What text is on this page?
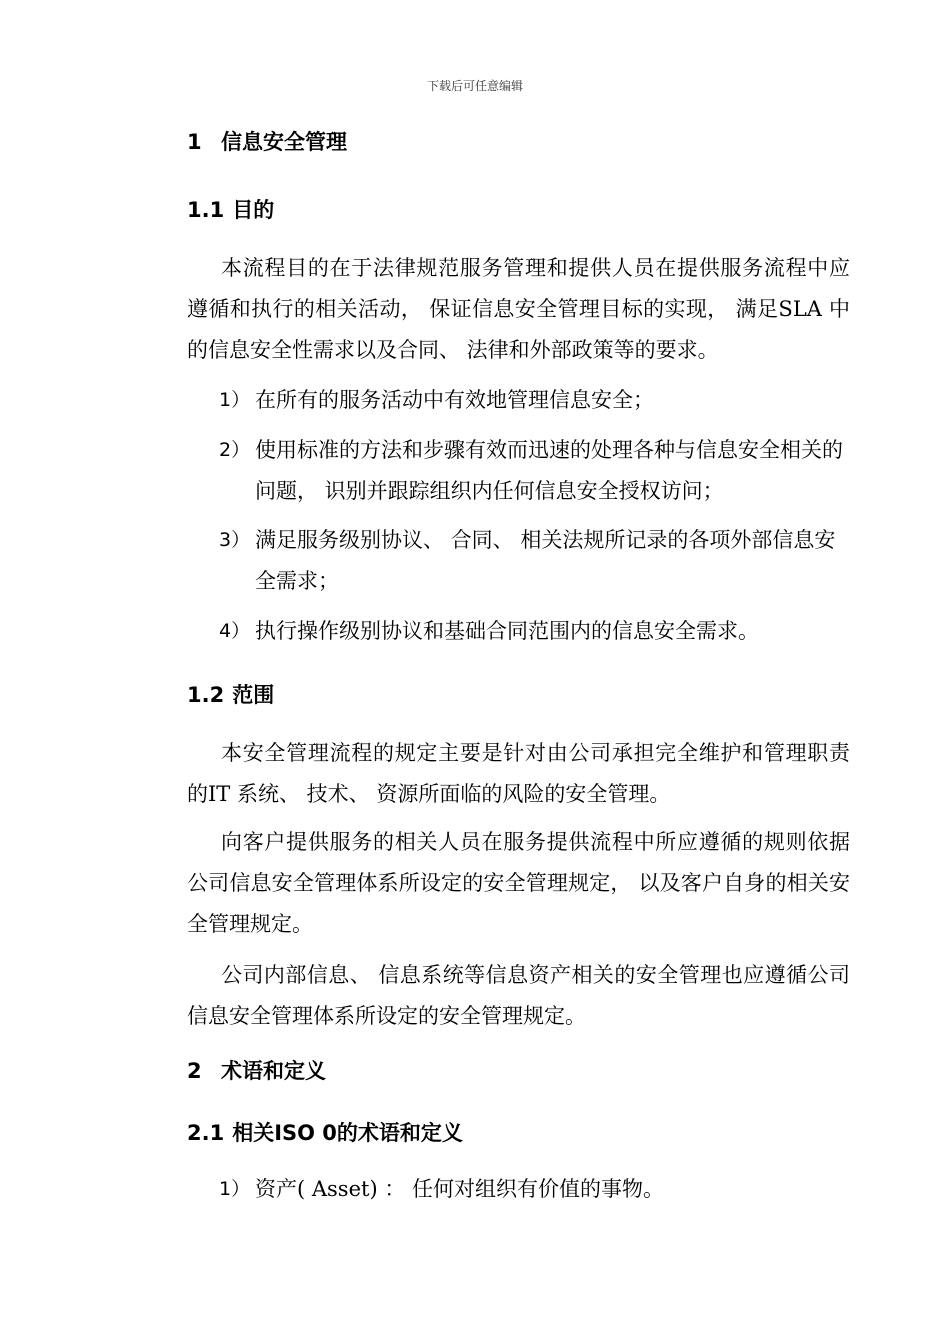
下载后可任意编辑
1 信息安全管理
1.1 目的
本流程目的在于法律规范服务管理和提供人员在提供服务流程中应遵循和执行的相关活动， 保证信息安全管理目标的实现， 满足SLA 中的信息安全性需求以及合同、 法律和外部政策等的要求。
1） 在所有的服务活动中有效地管理信息安全；
2） 使用标准的方法和步骤有效而迅速的处理各种与信息安全相关的问题， 识别并跟踪组织内任何信息安全授权访问；
3） 满足服务级别协议、 合同、 相关法规所记录的各项外部信息安全需求；
4） 执行操作级别协议和基础合同范围内的信息安全需求。
1.2 范围
本安全管理流程的规定主要是针对由公司承担完全维护和管理职责的IT 系统、 技术、 资源所面临的风险的安全管理。
向客户提供服务的相关人员在服务提供流程中所应遵循的规则依据公司信息安全管理体系所设定的安全管理规定， 以及客户自身的相关安全管理规定。
公司内部信息、 信息系统等信息资产相关的安全管理也应遵循公司信息安全管理体系所设定的安全管理规定。
2 术语和定义
2.1 相关ISO 0的术语和定义
1） 资产( Asset) ： 任何对组织有价值的事物。
